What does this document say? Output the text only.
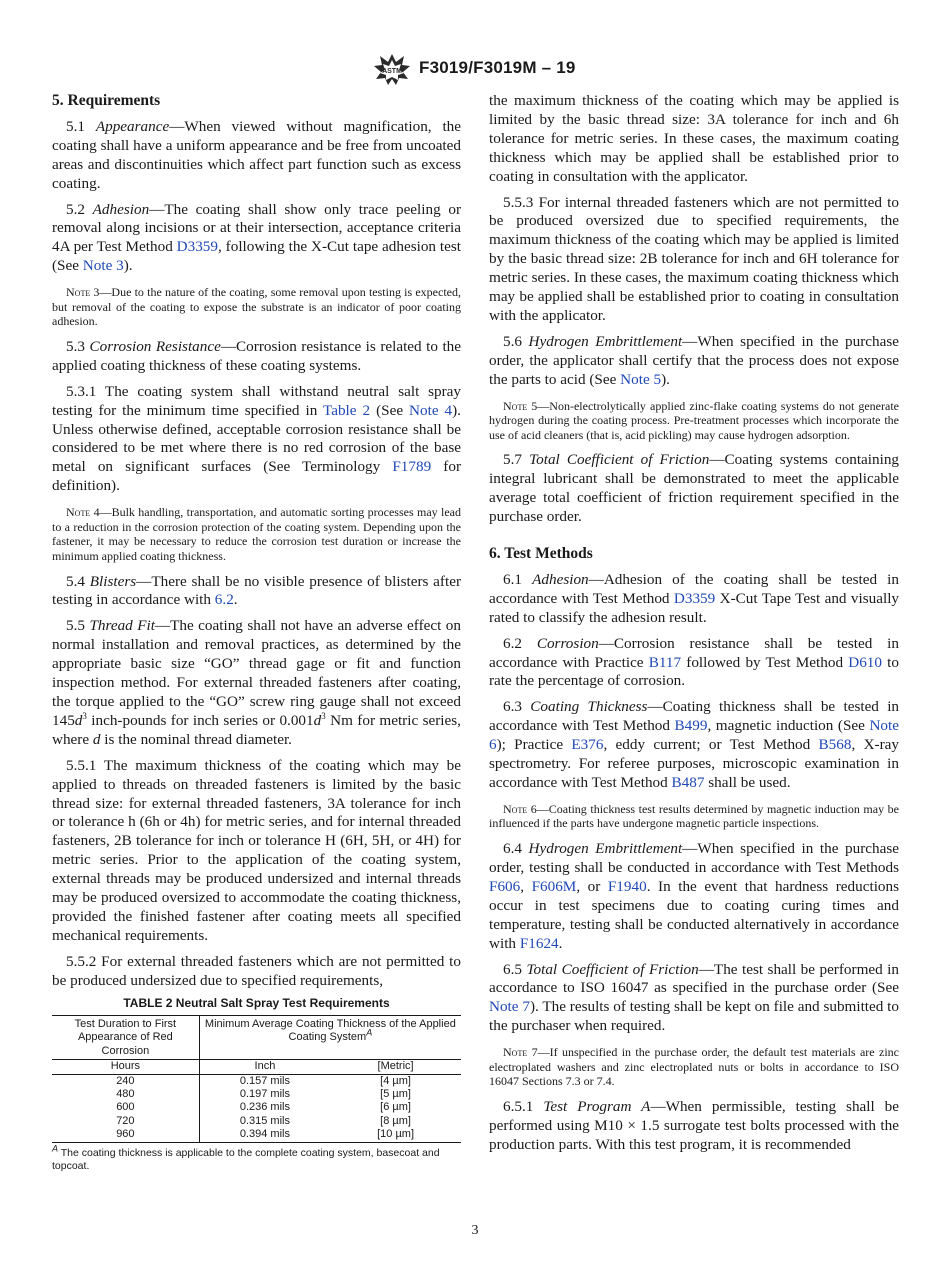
ASTM F3019/F3019M – 19

5. Requirements

5.1 Appearance—When viewed without magnification, the coating shall have a uniform appearance and be free from uncoated areas and discontinuities which affect part function such as excess coating.

5.2 Adhesion—The coating shall show only trace peeling or removal along incisions or at their intersection, acceptance criteria 4A per Test Method D3359, following the X-Cut tape adhesion test (See Note 3).

Note 3—Due to the nature of the coating, some removal upon testing is expected, but removal of the coating to expose the substrate is an indicator of poor coating adhesion.

5.3 Corrosion Resistance—Corrosion resistance is related to the applied coating thickness of these coating systems.

5.3.1 The coating system shall withstand neutral salt spray testing for the minimum time specified in Table 2 (See Note 4). Unless otherwise defined, acceptable corrosion resistance shall be considered to be met where there is no red corrosion of the base metal on significant surfaces (See Terminology F1789 for definition).

Note 4—Bulk handling, transportation, and automatic sorting processes may lead to a reduction in the corrosion protection of the coating system. Depending upon the fastener, it may be necessary to reduce the corrosion test duration or increase the minimum applied coating thickness.

5.4 Blisters—There shall be no visible presence of blisters after testing in accordance with 6.2.

5.5 Thread Fit—The coating shall not have an adverse effect on normal installation and removal practices, as determined by the appropriate basic size “GO” thread gage or fit and function inspection method. For external threaded fasteners after coating, the torque applied to the “GO” screw ring gauge shall not exceed $145d^3$ inch-pounds for inch series or $0.001d^3$ Nm for metric series, where d is the nominal thread diameter.

5.5.1 The maximum thickness of the coating which may be applied to threads on threaded fasteners is limited by the basic thread size: for external threaded fasteners, 3A tolerance for inch or tolerance h (6h or 4h) for metric series, and for internal threaded fasteners, 2B tolerance for inch or tolerance H (6H, 5H, or 4H) for metric series. Prior to the application of the coating system, external threads may be produced undersized and internal threads may be produced oversized to accommodate the coating thickness, provided the finished fastener after coating meets all specified mechanical requirements.

5.5.2 For external threaded fasteners which are not permitted to be produced undersized due to specified requirements,

TABLE 2 Neutral Salt Spray Test Requirements
Test Duration to First Appearance of Red Corrosion	Minimum Average Coating Thickness of the Applied Coating System$^A$
Hours	Inch	[Metric]
240	0.157 mils	[4 µm]
480	0.197 mils	[5 µm]
600	0.236 mils	[6 µm]
720	0.315 mils	[8 µm]
960	0.394 mils	[10 µm]
$^A$ The coating thickness is applicable to the complete coating system, basecoat and topcoat.

the maximum thickness of the coating which may be applied is limited by the basic thread size: 3A tolerance for inch and 6h tolerance for metric series. In these cases, the maximum coating thickness which may be applied shall be established prior to coating in consultation with the applicator.

5.5.3 For internal threaded fasteners which are not permitted to be produced oversized due to specified requirements, the maximum thickness of the coating which may be applied is limited by the basic thread size: 2B tolerance for inch and 6H tolerance for metric series. In these cases, the maximum coating thickness which may be applied shall be established prior to coating in consultation with the applicator.

5.6 Hydrogen Embrittlement—When specified in the purchase order, the applicator shall certify that the process does not expose the parts to acid (See Note 5).

Note 5—Non-electrolytically applied zinc-flake coating systems do not generate hydrogen during the coating process. Pre-treatment processes which incorporate the use of acid cleaners (that is, acid pickling) may cause hydrogen adsorption.

5.7 Total Coefficient of Friction—Coating systems containing integral lubricant shall be demonstrated to meet the applicable average total coefficient of friction requirement specified in the purchase order.

6. Test Methods

6.1 Adhesion—Adhesion of the coating shall be tested in accordance with Test Method D3359 X-Cut Tape Test and visually rated to classify the adhesion result.

6.2 Corrosion—Corrosion resistance shall be tested in accordance with Practice B117 followed by Test Method D610 to rate the percentage of corrosion.

6.3 Coating Thickness—Coating thickness shall be tested in accordance with Test Method B499, magnetic induction (See Note 6); Practice E376, eddy current; or Test Method B568, X-ray spectrometry. For referee purposes, microscopic examination in accordance with Test Method B487 shall be used.

Note 6—Coating thickness test results determined by magnetic induction may be influenced if the parts have undergone magnetic particle inspections.

6.4 Hydrogen Embrittlement—When specified in the purchase order, testing shall be conducted in accordance with Test Methods F606, F606M, or F1940. In the event that hardness reductions occur in test specimens due to coating curing times and temperature, testing shall be conducted alternatively in accordance with F1624.

6.5 Total Coefficient of Friction—The test shall be performed in accordance to ISO 16047 as specified in the purchase order (See Note 7). The results of testing shall be kept on file and submitted to the purchaser when required.

Note 7—If unspecified in the purchase order, the default test materials are zinc electroplated washers and zinc electroplated nuts or bolts in accordance to ISO 16047 Sections 7.3 or 7.4.

6.5.1 Test Program A—When permissible, testing shall be performed using M10 × 1.5 surrogate test bolts processed with the production parts. With this test program, it is recommended

3
